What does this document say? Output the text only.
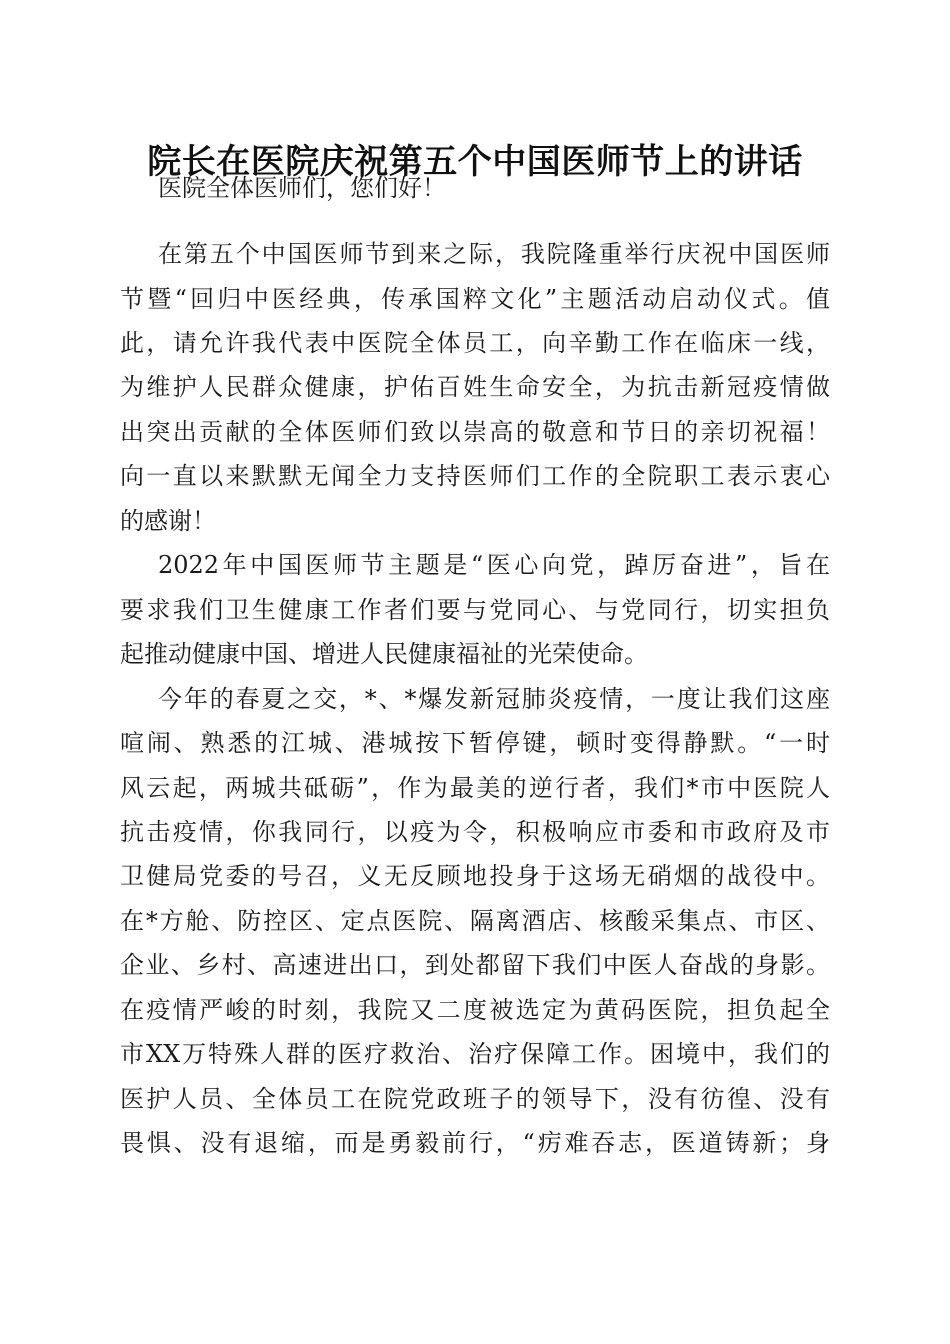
院长在医院庆祝第五个中国医师节上的讲话
医院全体医师们，您们好！
在第五个中国医师节到来之际，我院隆重举行庆祝中国医师
节暨“回归中医经典，传承国粹文化”主题活动启动仪式。值
此，请允许我代表中医院全体员工，向辛勤工作在临床一线，
为维护人民群众健康，护佑百姓生命安全，为抗击新冠疫情做
出突出贡献的全体医师们致以崇高的敬意和节日的亲切祝福！
向一直以来默默无闻全力支持医师们工作的全院职工表示衷心
的感谢！
2022年中国医师节主题是“医心向党，踔厉奋进”，旨在
要求我们卫生健康工作者们要与党同心、与党同行，切实担负
起推动健康中国、增进人民健康福祉的光荣使命。
今年的春夏之交，*、*爆发新冠肺炎疫情，一度让我们这座
喧闹、熟悉的江城、港城按下暂停键，顿时变得静默。“一时
风云起，两城共砥砺”，作为最美的逆行者，我们*市中医院人
抗击疫情，你我同行，以疫为令，积极响应市委和市政府及市
卫健局党委的号召，义无反顾地投身于这场无硝烟的战役中。
在*方舱、防控区、定点医院、隔离酒店、核酸采集点、市区、
企业、乡村、高速进出口，到处都留下我们中医人奋战的身影。
在疫情严峻的时刻，我院又二度被选定为黄码医院，担负起全
市XX万特殊人群的医疗救治、治疗保障工作。困境中，我们的
医护人员、全体员工在院党政班子的领导下，没有彷徨、没有
畏惧、没有退缩，而是勇毅前行，“疠难吞志，医道铸新；身
